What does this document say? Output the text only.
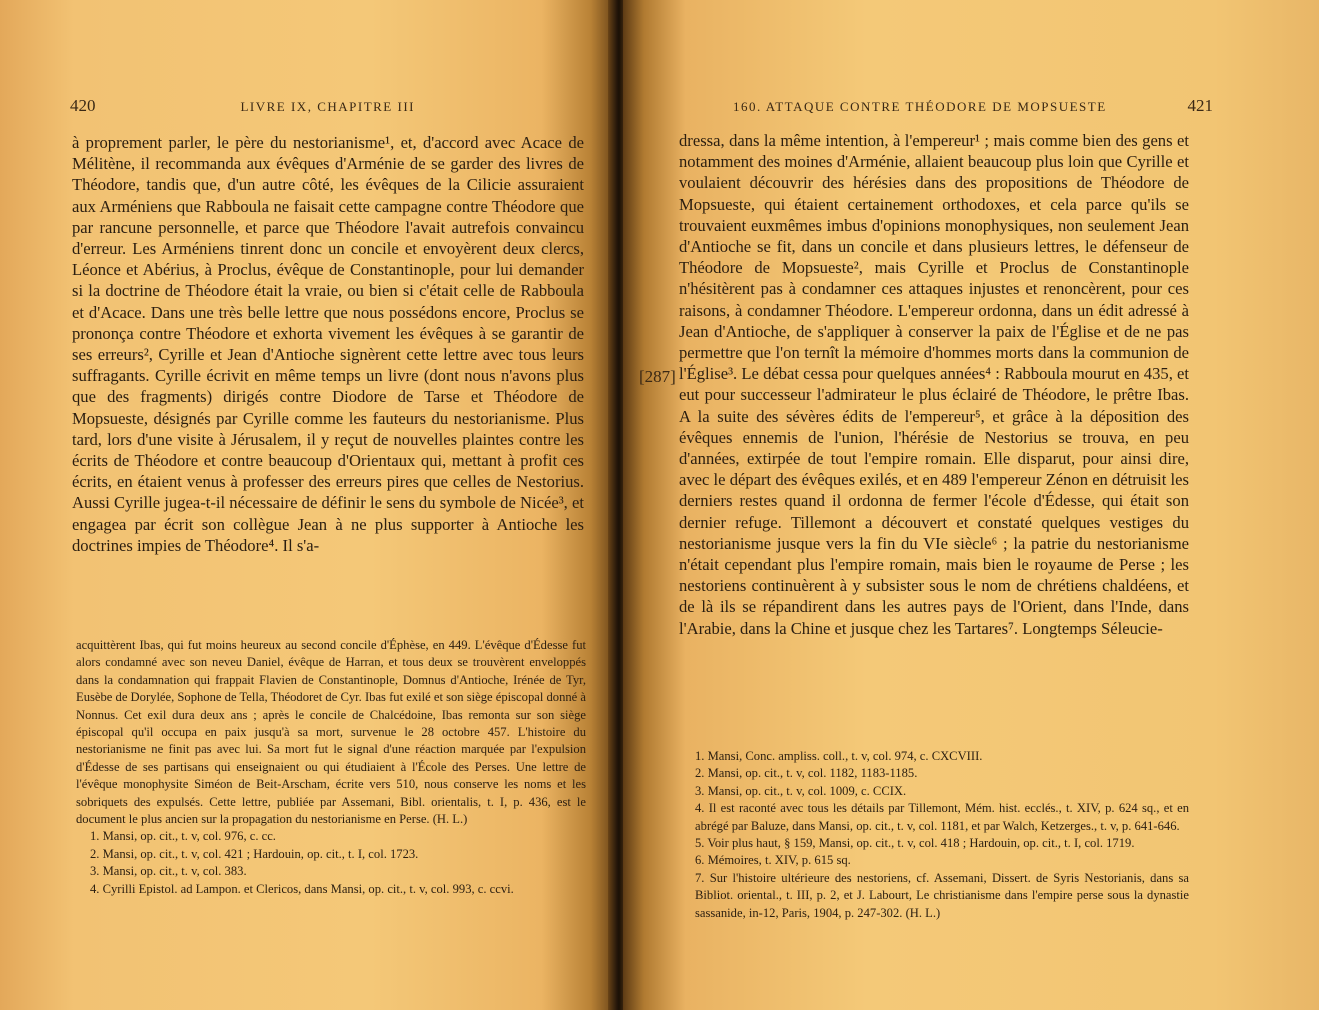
420	LIVRE IX, CHAPITRE III

à proprement parler, le père du nestorianisme¹, et, d'accord avec Acace de Mélitène, il recommanda aux évêques d'Arménie de se garder des livres de Théodore, tandis que, d'un autre côté, les évêques de la Cilicie assuraient aux Arméniens que Rabboula ne faisait cette campagne contre Théodore que par rancune personnelle, et parce que Théodore l'avait autrefois convaincu d'erreur. Les Arméniens tinrent donc un concile et envoyèrent deux clercs, Léonce et Abérius, à Proclus, évêque de Constantinople, pour lui demander si la doctrine de Théodore était la vraie, ou bien si c'était celle de Rabboula et d'Acace. Dans une très belle lettre que nous possédons encore, Proclus se prononça contre Théodore et exhorta vivement les évêques à se garantir de ses erreurs², Cyrille et Jean d'Antioche signèrent cette lettre avec tous leurs suffragants. Cyrille écrivit en même temps un livre (dont nous n'avons plus que des fragments) dirigés contre Diodore de Tarse et Théodore de Mopsueste, désignés par Cyrille comme les fauteurs du nestorianisme. Plus tard, lors d'une visite à Jérusalem, il y reçut de nouvelles plaintes contre les écrits de Théodore et contre beaucoup d'Orientaux qui, mettant à profit ces écrits, en étaient venus à professer des erreurs pires que celles de Nestorius. Aussi Cyrille jugea-t-il nécessaire de définir le sens du symbole de Nicée³, et engagea par écrit son collègue Jean à ne plus supporter à Antioche les doctrines impies de Théodore⁴. Il s'a-

acquittèrent Ibas, qui fut moins heureux au second concile d'Éphèse, en 449. L'évêque d'Édesse fut alors condamné avec son neveu Daniel, évêque de Harran, et tous deux se trouvèrent enveloppés dans la condamnation qui frappait Flavien de Constantinople, Domnus d'Antioche, Irénée de Tyr, Eusèbe de Dorylée, Sophone de Tella, Théodoret de Cyr. Ibas fut exilé et son siège épiscopal donné à Nonnus. Cet exil dura deux ans ; après le concile de Chalcédoine, Ibas remonta sur son siège épiscopal qu'il occupa en paix jusqu'à sa mort, survenue le 28 octobre 457. L'histoire du nestorianisme ne finit pas avec lui. Sa mort fut le signal d'une réaction marquée par l'expulsion d'Édesse de ses partisans qui enseignaient ou qui étudiaient à l'École des Perses. Une lettre de l'évêque monophysite Siméon de Beit-Arscham, écrite vers 510, nous conserve les noms et les sobriquets des expulsés. Cette lettre, publiée par Assemani, Bibl. orientalis, t. I, p. 436, est le document le plus ancien sur la propagation du nestorianisme en Perse. (H. L.)

1. Mansi, op. cit., t. v, col. 976, c. cc.

2. Mansi, op. cit., t. v, col. 421 ; Hardouin, op. cit., t. I, col. 1723.

3. Mansi, op. cit., t. v, col. 383.

4. Cyrilli Epistol. ad Lampon. et Clericos, dans Mansi, op. cit., t. v, col. 993, c. ccvi.

160. ATTAQUE CONTRE THÉODORE DE MOPSUESTE	421
[287]

dressa, dans la même intention, à l'empereur¹ ; mais comme bien des gens et notamment des moines d'Arménie, allaient beaucoup plus loin que Cyrille et voulaient découvrir des hérésies dans des propositions de Théodore de Mopsueste, qui étaient certainement orthodoxes, et cela parce qu'ils se trouvaient euxmêmes imbus d'opinions monophysiques, non seulement Jean d'Antioche se fit, dans un concile et dans plusieurs lettres, le défenseur de Théodore de Mopsueste², mais Cyrille et Proclus de Constantinople n'hésitèrent pas à condamner ces attaques injustes et renoncèrent, pour ces raisons, à condamner Théodore. L'empereur ordonna, dans un édit adressé à Jean d'Antioche, de s'appliquer à conserver la paix de l'Église et de ne pas permettre que l'on ternît la mémoire d'hommes morts dans la communion de l'Église³. Le débat cessa pour quelques années⁴ : Rabboula mourut en 435, et eut pour successeur l'admirateur le plus éclairé de Théodore, le prêtre Ibas. A la suite des sévères édits de l'empereur⁵, et grâce à la déposition des évêques ennemis de l'union, l'hérésie de Nestorius se trouva, en peu d'années, extirpée de tout l'empire romain. Elle disparut, pour ainsi dire, avec le départ des évêques exilés, et en 489 l'empereur Zénon en détruisit les derniers restes quand il ordonna de fermer l'école d'Édesse, qui était son dernier refuge. Tillemont a découvert et constaté quelques vestiges du nestorianisme jusque vers la fin du VIe siècle⁶ ; la patrie du nestorianisme n'était cependant plus l'empire romain, mais bien le royaume de Perse ; les nestoriens continuèrent à y subsister sous le nom de chrétiens chaldéens, et de là ils se répandirent dans les autres pays de l'Orient, dans l'Inde, dans l'Arabie, dans la Chine et jusque chez les Tartares⁷. Longtemps Séleucie-

1. Mansi, Conc. ampliss. coll., t. v, col. 974, c. CXCVIII.

2. Mansi, op. cit., t. v, col. 1182, 1183-1185.

3. Mansi, op. cit., t. v, col. 1009, c. CCIX.

4. Il est raconté avec tous les détails par Tillemont, Mém. hist. ecclés., t. XIV, p. 624 sq., et en abrégé par Baluze, dans Mansi, op. cit., t. v, col. 1181, et par Walch, Ketzerges., t. v, p. 641-646.

5. Voir plus haut, § 159, Mansi, op. cit., t. v, col. 418 ; Hardouin, op. cit., t. I, col. 1719.

6. Mémoires, t. XIV, p. 615 sq.

7. Sur l'histoire ultérieure des nestoriens, cf. Assemani, Dissert. de Syris Nestorianis, dans sa Bibliot. oriental., t. III, p. 2, et J. Labourt, Le christianisme dans l'empire perse sous la dynastie sassanide, in-12, Paris, 1904, p. 247-302. (H. L.)
